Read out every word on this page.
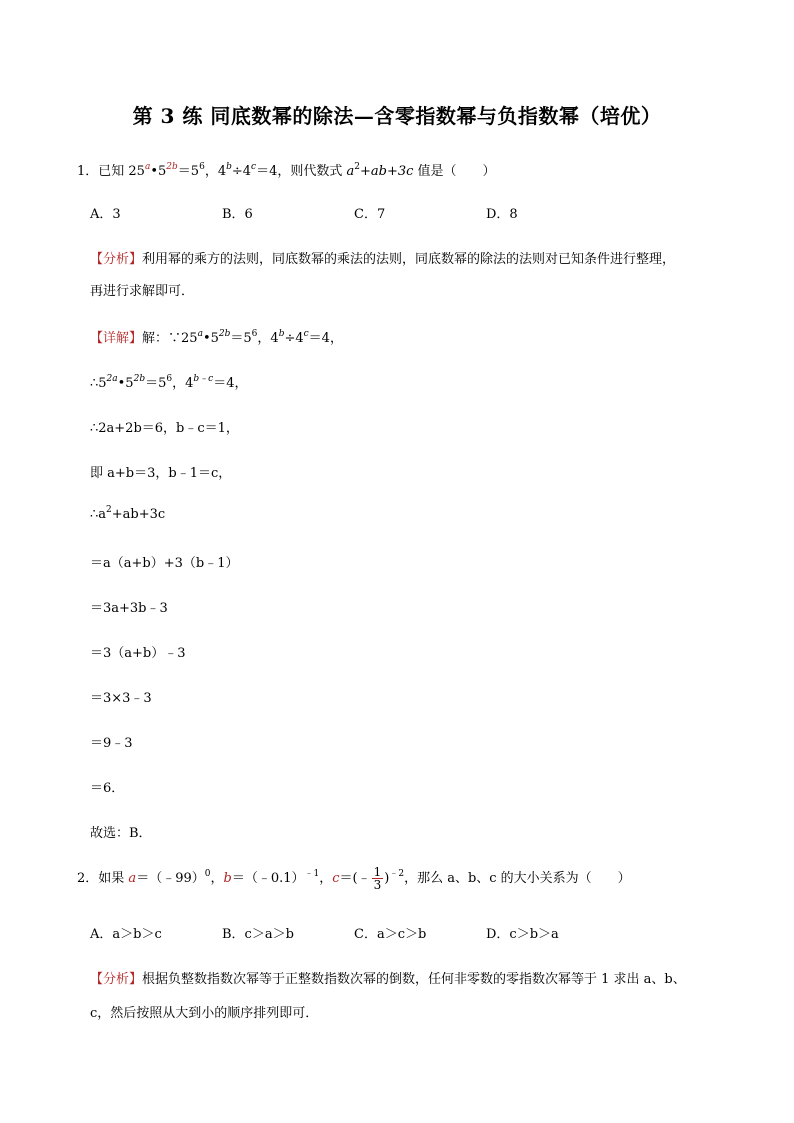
第 3 练 同底数幂的除法—含零指数幂与负指数幂（培优）
1．已知 $25^a•5^{2b}=5^6$，$4^b\div 4^c=4$，则代数式 $a^2+ab+3c$ 值是（　　）
A．3	B．6	C．7	D．8
【分析】利用幂的乘方的法则，同底数幂的乘法的法则，同底数幂的除法的法则对已知条件进行整理，
再进行求解即可．
【详解】解：$\because 25^a•5^{2b}=5^6$，$4^b\div 4^c=4$，
$\therefore 5^{2a}•5^{2b}=5^6$，$4^{b﹣c}=4$，
∴2a+2b＝6，b﹣c＝1，
即 a+b＝3，b﹣1＝c，
$\therefore a^2+ab+3c$
＝a（a+b）+3（b﹣1）
＝3a+3b﹣3
＝3（a+b）﹣3
＝3×3﹣3
＝9﹣3
＝6．
故选：B．
2．如果 a＝（﹣99）$^0$，b＝（﹣0.1）$^{﹣1}$，c＝(﹣ $\frac{1}{3} )^{﹣2}$，那么 a、b、c 的大小关系为（　　）
A．a＞b＞c	B．c＞a＞b	C．a＞c＞b	D．c＞b＞a
【分析】根据负整数指数次幂等于正整数指数次幂的倒数，任何非零数的零指数次幂等于 1 求出 a、b、
c，然后按照从大到小的顺序排列即可．
